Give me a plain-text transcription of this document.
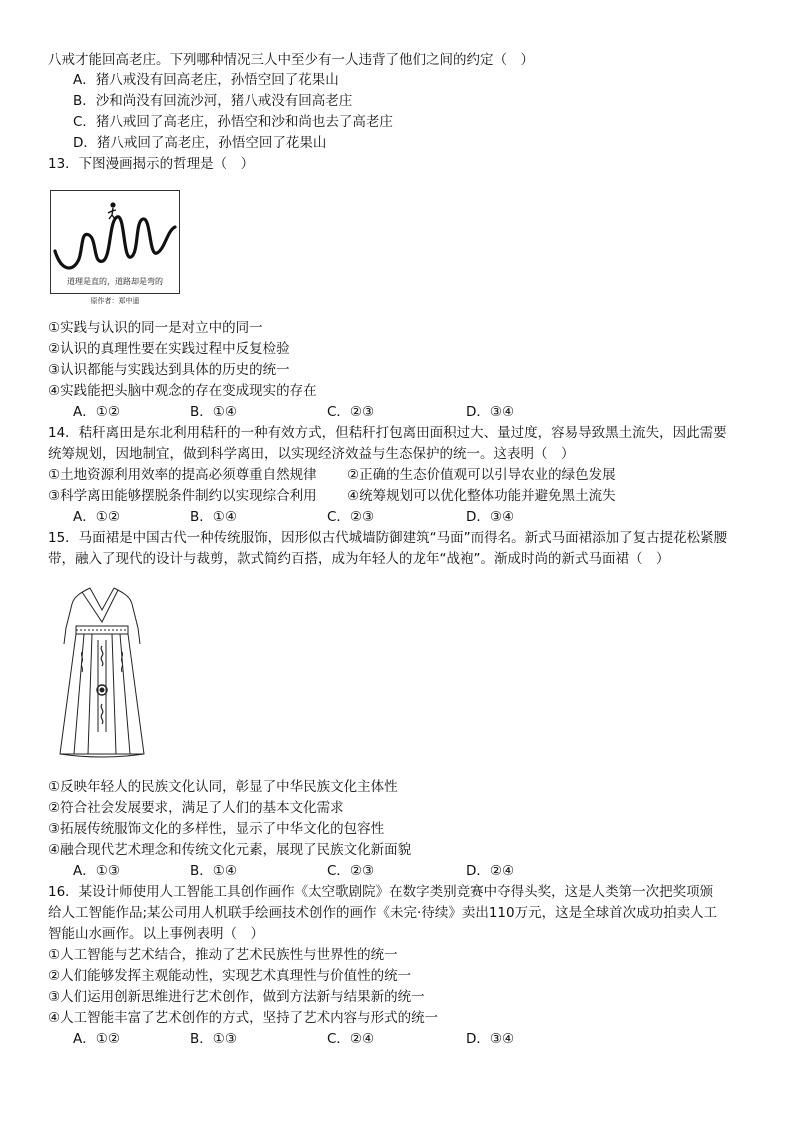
八戒才能回高老庄。下列哪种情况三人中至少有一人违背了他们之间的约定（　）
A．猪八戒没有回高老庄，孙悟空回了花果山
B．沙和尚没有回流沙河，猪八戒没有回高老庄
C．猪八戒回了高老庄，孙悟空和沙和尚也去了高老庄
D．猪八戒回了高老庄，孙悟空回了花果山
13．下图漫画揭示的哲理是（　）
道理是直的，道路却是弯的
原作者：郑中遥
①实践与认识的同一是对立中的同一
②认识的真理性要在实践过程中反复检验
③认识都能与实践达到具体的历史的统一
④实践能把头脑中观念的存在变成现实的存在
A．①②	B．①④	C．②③	D．③④
14．秸秆离田是东北利用秸秆的一种有效方式，但秸秆打包离田面积过大、量过度，容易导致黑土流失，因此需要
统筹规划，因地制宜，做到科学离田，以实现经济效益与生态保护的统一。这表明（　）
①土地资源利用效率的提高必须尊重自然规律 ②正确的生态价值观可以引导农业的绿色发展
③科学离田能够摆脱条件制约以实现综合利用 ④统筹规划可以优化整体功能并避免黑土流失
A．①②	B．①④	C．②③	D．③④
15．马面裙是中国古代一种传统服饰，因形似古代城墙防御建筑“马面”而得名。新式马面裙添加了复古提花松紧腰
带，融入了现代的设计与裁剪，款式简约百搭，成为年轻人的龙年“战袍”。渐成时尚的新式马面裙（　）
①反映年轻人的民族文化认同，彰显了中华民族文化主体性
②符合社会发展要求，满足了人们的基本文化需求
③拓展传统服饰文化的多样性，显示了中华文化的包容性
④融合现代艺术理念和传统文化元素，展现了民族文化新面貌
A．①③	B．①④	C．②③	D．②④
16．某设计师使用人工智能工具创作画作《太空歌剧院》在数字类别竞赛中夺得头奖，这是人类第一次把奖项颁
给人工智能作品;某公司用人机联手绘画技术创作的画作《未完·待续》卖出110万元，这是全球首次成功拍卖人工
智能山水画作。以上事例表明（　）
①人工智能与艺术结合，推动了艺术民族性与世界性的统一
②人们能够发挥主观能动性，实现艺术真理性与价值性的统一
③人们运用创新思维进行艺术创作，做到方法新与结果新的统一
④人工智能丰富了艺术创作的方式，坚持了艺术内容与形式的统一
A．①②	B．①③	C．②④	D．③④
